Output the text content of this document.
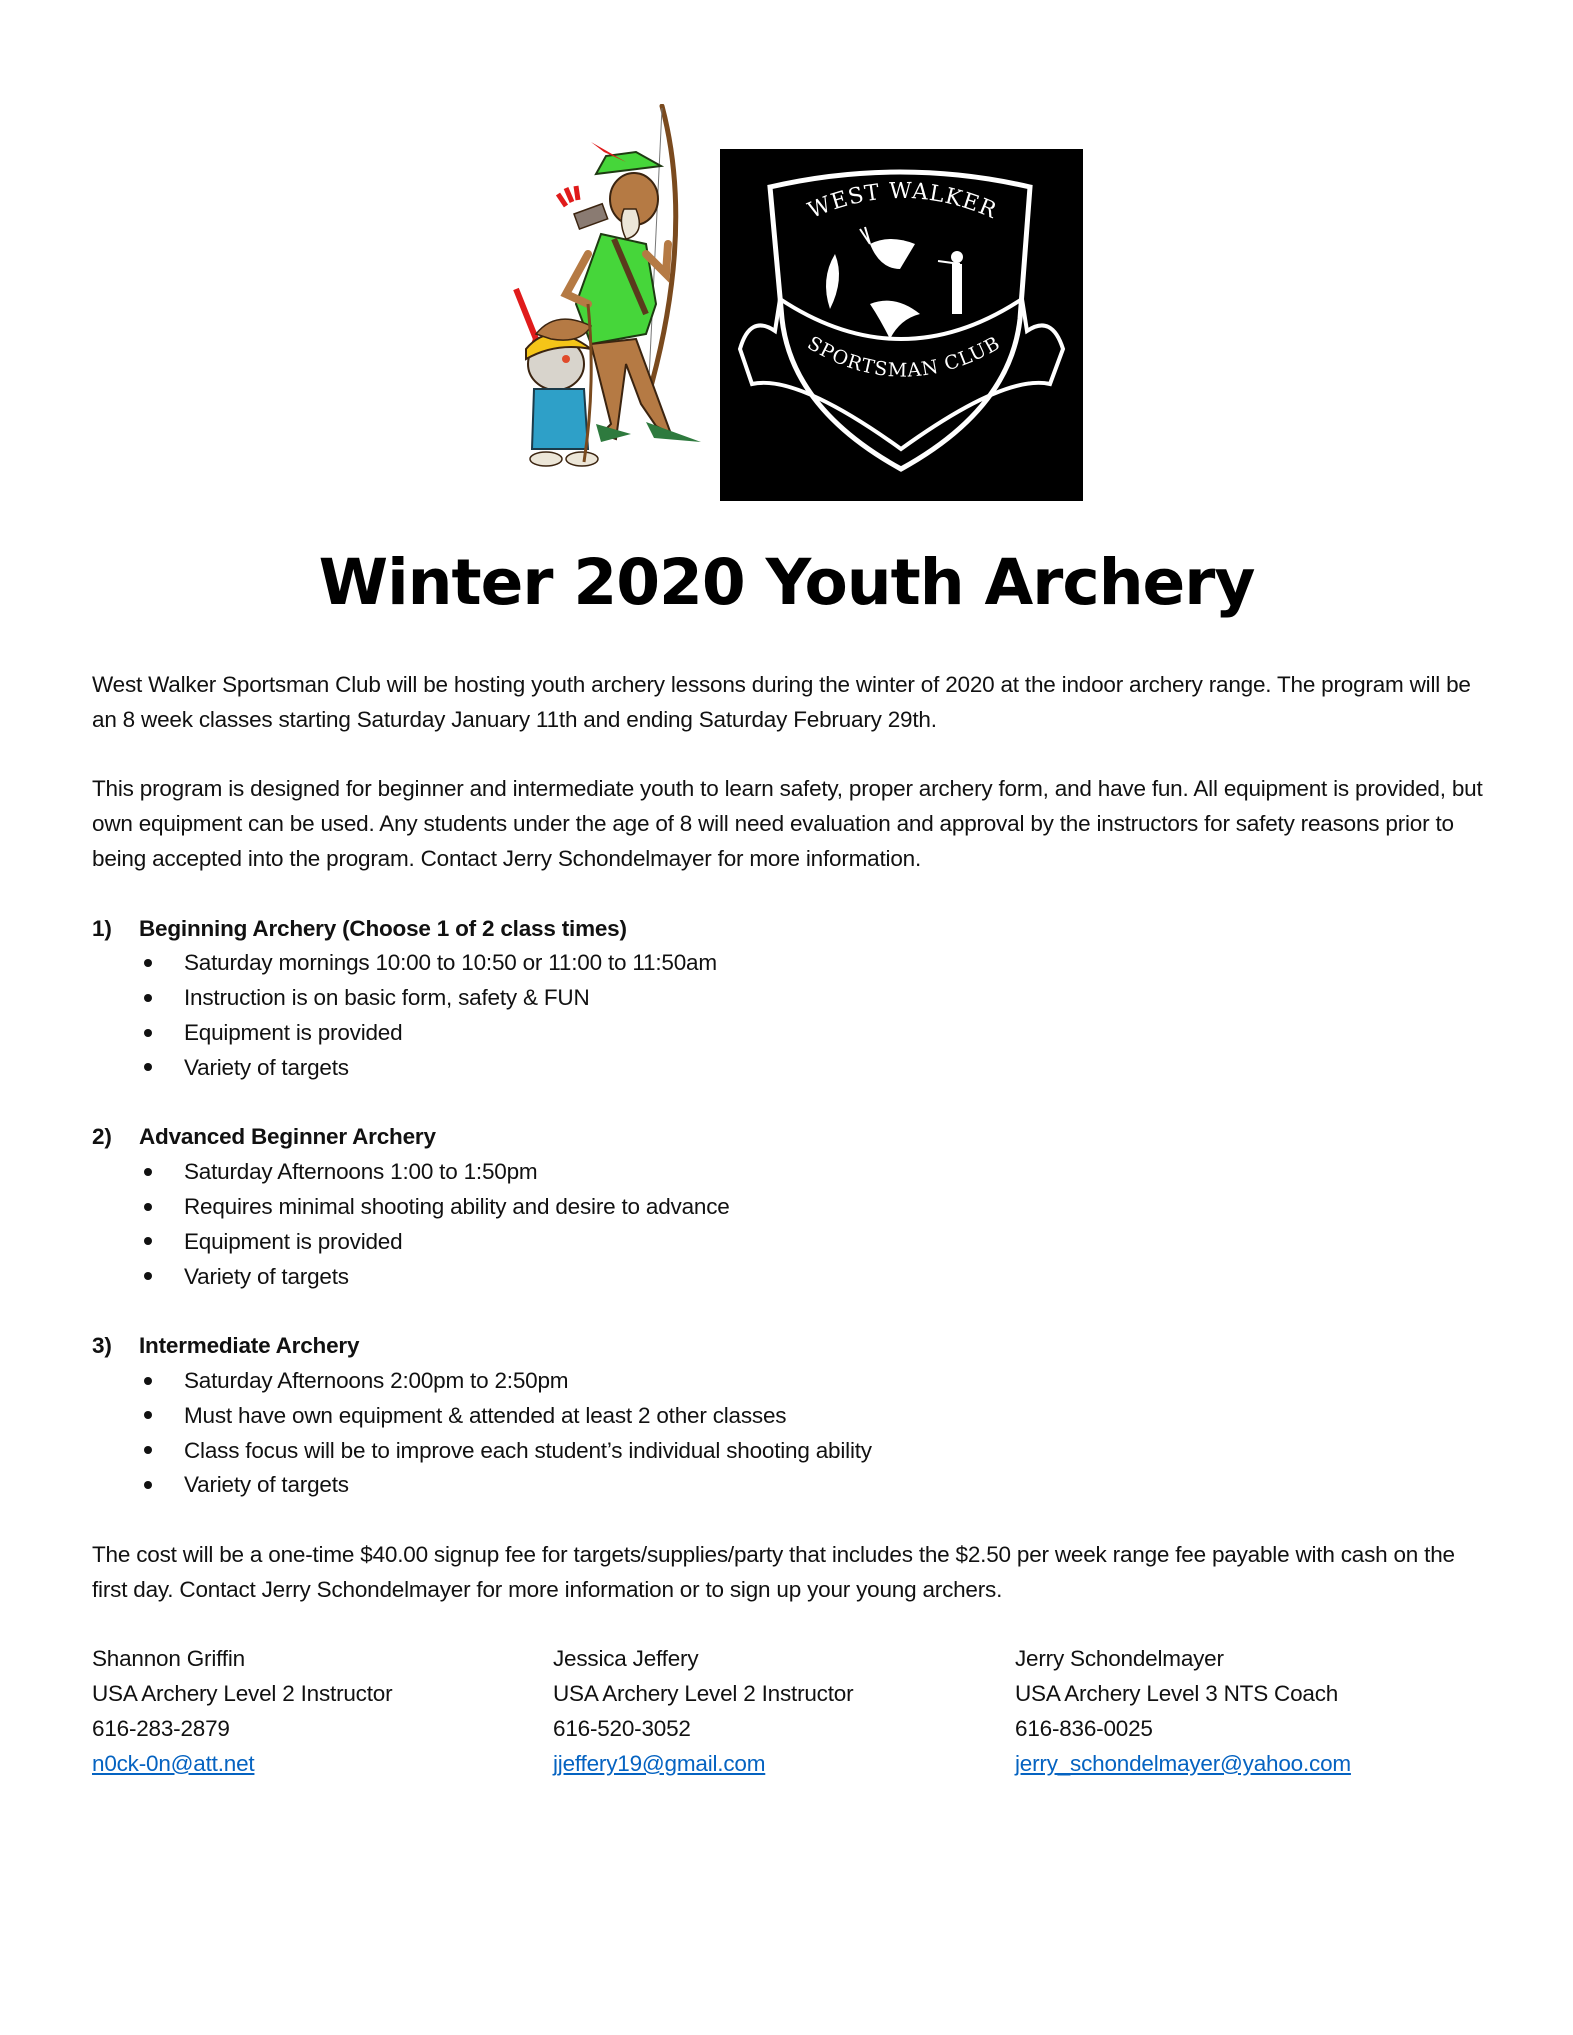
WEST WALKER
SPORTSMAN CLUB
Winter 2020 Youth Archery

West Walker Sportsman Club will be hosting youth archery lessons during the winter of 2020 at the indoor archery range. The program will be an 8 week classes starting Saturday January 11th and ending Saturday February 29th.

This program is designed for beginner and intermediate youth to learn safety, proper archery form, and have fun. All equipment is provided, but own equipment can be used. Any students under the age of 8 will need evaluation and approval by the instructors for safety reasons prior to being accepted into the program. Contact Jerry Schondelmayer for more information.

1)	Beginning Archery (Choose 1 of 2 class times)
Saturday mornings 10:00 to 10:50 or 11:00 to 11:50am
Instruction is on basic form, safety & FUN
Equipment is provided
Variety of targets
2)	Advanced Beginner Archery
Saturday Afternoons 1:00 to 1:50pm
Requires minimal shooting ability and desire to advance
Equipment is provided
Variety of targets
3)	Intermediate Archery
Saturday Afternoons 2:00pm to 2:50pm
Must have own equipment & attended at least 2 other classes
Class focus will be to improve each student’s individual shooting ability
Variety of targets

The cost will be a one-time $40.00 signup fee for targets/supplies/party that includes the $2.50 per week range fee payable with cash on the first day. Contact Jerry Schondelmayer for more information or to sign up your young archers.

Shannon Griffin
USA Archery Level 2 Instructor
616-283-2879
n0ck-0n@att.net
Jessica Jeffery
USA Archery Level 2 Instructor
616-520-3052
jjeffery19@gmail.com
Jerry Schondelmayer
USA Archery Level 3 NTS Coach
616-836-0025
jerry_schondelmayer@yahoo.com
